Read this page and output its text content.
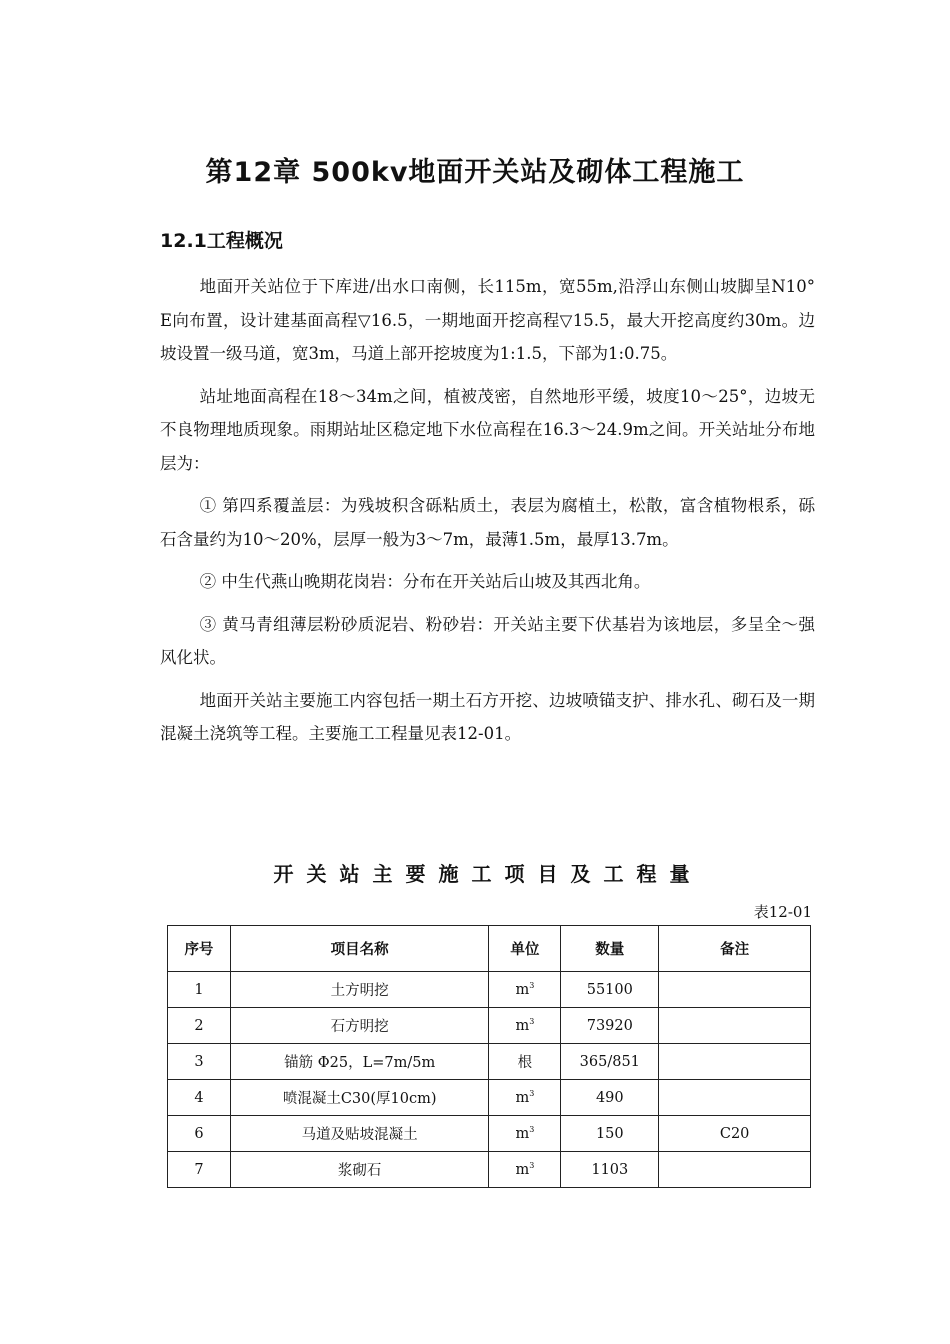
第12章 500kv地面开关站及砌体工程施工
12.1工程概况

地面开关站位于下库进/出水口南侧，长115m，宽55m,沿浮山东侧山坡脚呈N10° E向布置，设计建基面高程▽16.5，一期地面开挖高程▽15.5，最大开挖高度约30m。边坡设置一级马道，宽3m，马道上部开挖坡度为1:1.5，下部为1:0.75。

站址地面高程在18～34m之间，植被茂密，自然地形平缓，坡度10～25°，边坡无不良物理地质现象。雨期站址区稳定地下水位高程在16.3～24.9m之间。开关站址分布地层为：

① 第四系覆盖层：为残坡积含砾粘质土，表层为腐植土，松散，富含植物根系，砾石含量约为10～20%，层厚一般为3～7m，最薄1.5m，最厚13.7m。

② 中生代燕山晚期花岗岩：分布在开关站后山坡及其西北角。

③ 黄马青组薄层粉砂质泥岩、粉砂岩：开关站主要下伏基岩为该地层，多呈全～强风化状。

地面开关站主要施工内容包括一期土石方开挖、边坡喷锚支护、排水孔、砌石及一期混凝土浇筑等工程。主要施工工程量见表12-01。

开关站主要施工项目及工程量
表12-01
序号	项目名称	单位	数量	备注
1	土方明挖	$m^3$	55100	
2	石方明挖	$m^3$	73920	
3	锚筋 Φ25，L=7m/5m	根	365/851	
4	喷混凝土C30(厚10cm)	$m^3$	490	
6	马道及贴坡混凝土	$m^3$	150	C20
7	浆砌石	$m^3$	1103	
